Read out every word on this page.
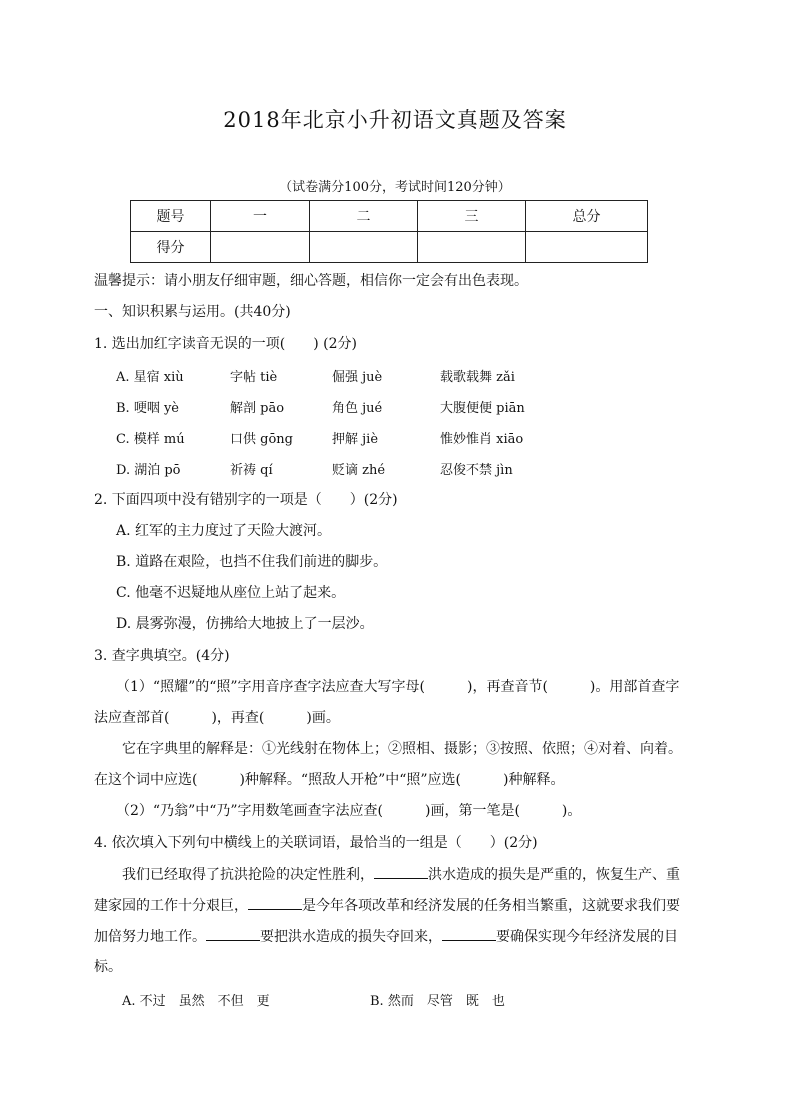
2018年北京小升初语文真题及答案
（试卷满分100分，考试时间120分钟）
题号	一	二	三	总分
得分				
温馨提示：请小朋友仔细审题，细心答题，相信你一定会有出色表现。
一、知识积累与运用。(共40分)
1. 选出加红字读音无误的一项(　　) (2分)
A. 星宿 xiù	字帖 tiè	倔强 juè	载歌载舞 zǎi
B. 哽咽 yè	解剖 pāo	角色 jué	大腹便便 piān
C. 模样 mú	口供 gōng	押解 jiè	惟妙惟肖 xiāo
D. 湖泊 pō	祈祷 qí	贬谪 zhé	忍俊不禁 jìn
2. 下面四项中没有错别字的一项是（　　）(2分)
A. 红军的主力度过了天险大渡河。
B. 道路在艰险，也挡不住我们前进的脚步。
C. 他毫不迟疑地从座位上站了起来。
D. 晨雾弥漫，仿拂给大地披上了一层沙。
3. 查字典填空。(4分)
（1）“照耀”的“照”字用音序查字法应查大写字母(　　　)，再查音节(　　　)。用部首查字
法应查部首(　　　)，再查(　　　)画。
它在字典里的解释是：①光线射在物体上；②照相、摄影；③按照、依照；④对着、向着。
在这个词中应选(　　　)种解释。“照敌人开枪”中“照”应选(　　　)种解释。
（2）“乃翁”中“乃”字用数笔画查字法应查(　　　)画，第一笔是(　　　)。
4. 依次填入下列句中横线上的关联词语，最恰当的一组是（　　）(2分)
我们已经取得了抗洪抢险的决定性胜利，	洪水造成的损失是严重的，恢复生产、重
建家园的工作十分艰巨，	是今年各项改革和经济发展的任务相当繁重，这就要求我们要
加倍努力地工作。	要把洪水造成的损失夺回来，	要确保实现今年经济发展的目
标。
A. 不过　虽然　不但　更	B. 然而　尽管　既　也
